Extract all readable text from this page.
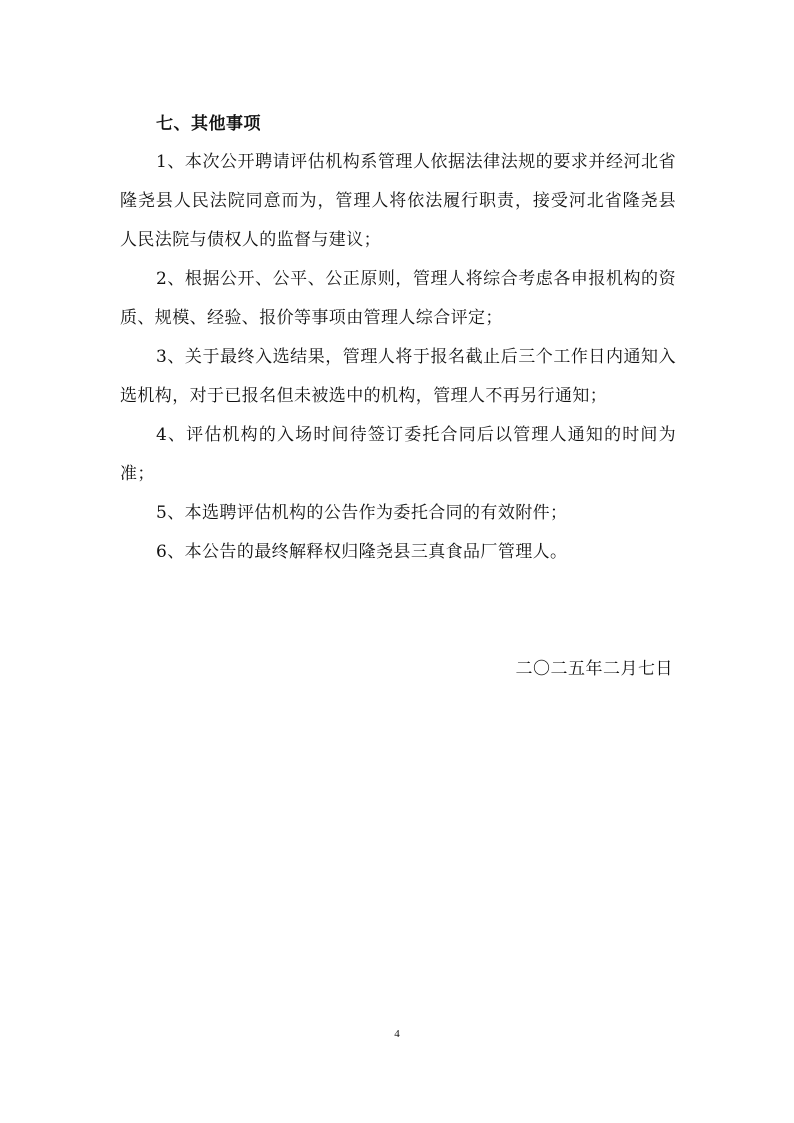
七、其他事项

1、本次公开聘请评估机构系管理人依据法律法规的要求并经河北省隆尧县人民法院同意而为，管理人将依法履行职责，接受河北省隆尧县人民法院与债权人的监督与建议；

2、根据公开、公平、公正原则，管理人将综合考虑各申报机构的资质、规模、经验、报价等事项由管理人综合评定；

3、关于最终入选结果，管理人将于报名截止后三个工作日内通知入选机构，对于已报名但未被选中的机构，管理人不再另行通知；

4、评估机构的入场时间待签订委托合同后以管理人通知的时间为准；

5、本选聘评估机构的公告作为委托合同的有效附件；

6、本公告的最终解释权归隆尧县三真食品厂管理人。

二〇二五年二月七日
4
